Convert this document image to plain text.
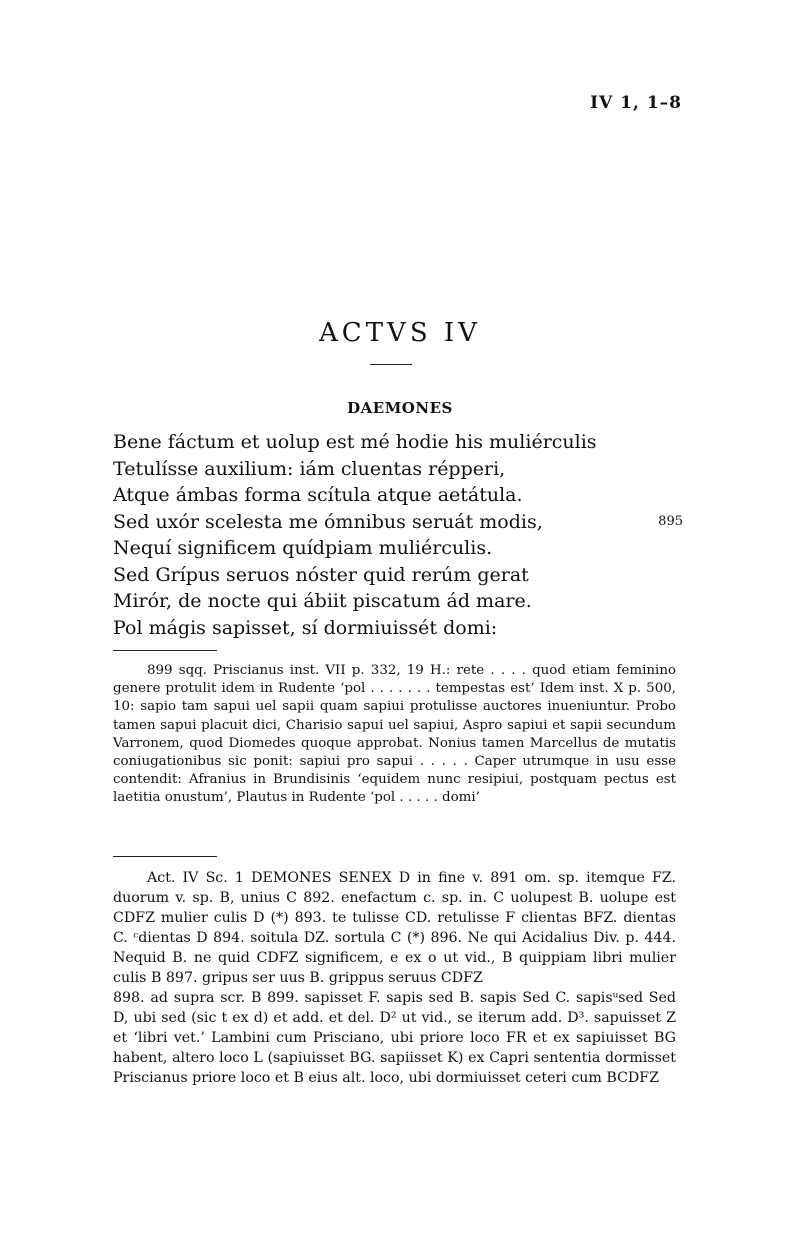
IV 1, 1–8
ACTVS IV
DAEMONES
Bene fáctum et uolup est mé hodie his muliérculis
Tetulísse auxilium: iám cluentas répperi,
Atque ámbas forma scítula atque aetátula.
Sed uxór scelesta me ómnibus seruát modis,	895
Nequí significem quídpiam muliérculis.
Sed Grípus seruos nóster quid rerúm gerat
Mirór, de nocte qui ábiit piscatum ád mare.
Pol mágis sapisset, sí dormiuissét domi:

899 sqq. Priscianus inst. VII p. 332, 19 H.: rete . . . . quod etiam feminino genere protulit idem in Rudente ‘pol . . . . . . . tempestas est’ Idem inst. X p. 500, 10: sapio tam sapui uel sapii quam sapiui protulisse auctores inueniuntur. Probo tamen sapui placuit dici, Charisio sapui uel sapiui, Aspro sapiui et sapii secundum Varronem, quod Diomedes quoque approbat. Nonius tamen Marcellus de mutatis coniugationibus sic ponit: sapiui pro sapui . . . . . Caper utrumque in usu esse contendit: Afranius in Brundisinis ‘equidem nunc resipiui, postquam pectus est laetitia onustum’, Plautus in Rudente ‘pol . . . . . domi’

Act. IV Sc. 1 DEMONES SENEX D in fine v. 891 om. sp. itemque FZ. duorum v. sp. B, unius C 892. enefactum c. sp. in. C uolupest B. uolupe est CDFZ mulier culis D (*) 893. te tulisse CD. retulisse F clientas BFZ. dientas C. ᶜdientas D 894. soitula DZ. sortula C (*) 896. Ne qui Acidalius Div. p. 444. Nequid B. ne quid CDFZ significem, e ex o ut vid., B quippiam libri mulier culis B 897. gripus ser uus B. grippus seruus CDFZ

898. ad supra scr. B 899. sapisset F. sapis sed B. sapis Sed C. sapisᵘsed Sed D, ubi sed (sic t ex d) et add. et del. D² ut vid., se iterum add. D³. sapuisset Z et ‘libri vet.’ Lambini cum Prisciano, ubi priore loco FR et ex sapiuisset BG habent, altero loco L (sapiuisset BG. sapiisset K) ex Capri sententia dormisset Priscianus priore loco et B eius alt. loco, ubi dormiuisset ceteri cum BCDFZ
